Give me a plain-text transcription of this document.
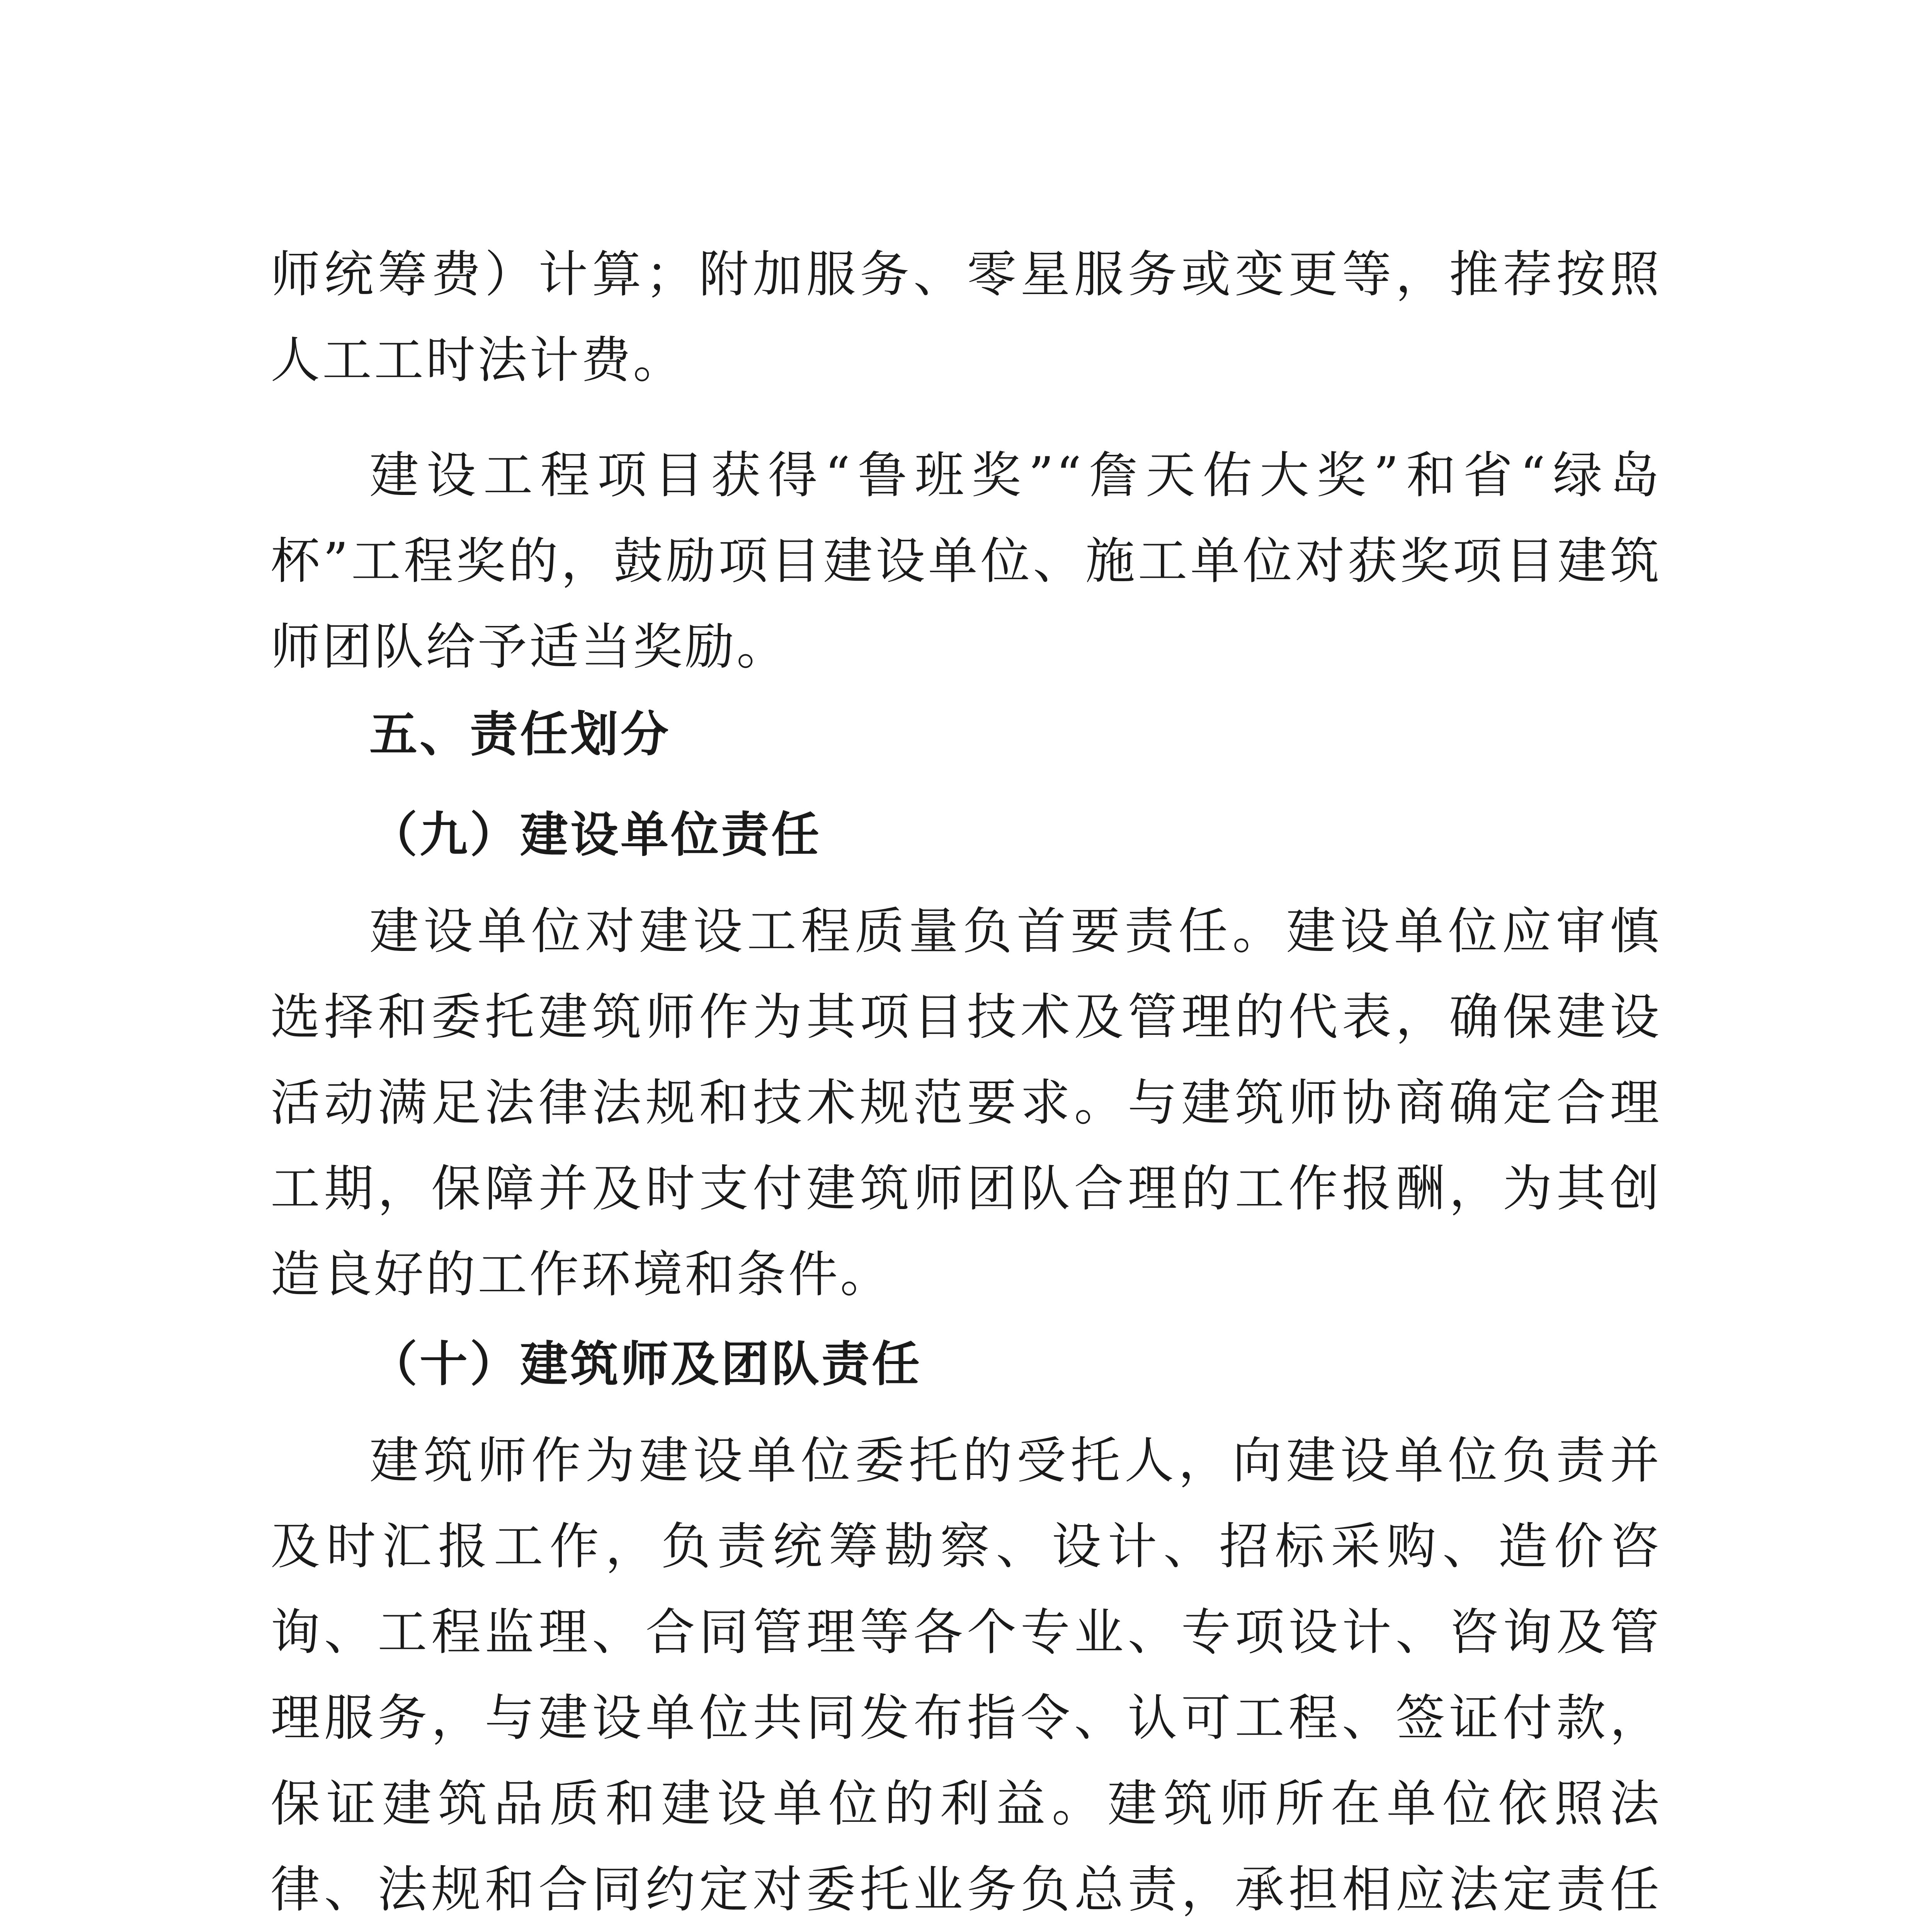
师统筹费）计算；附加服务、零星服务或变更等，推荐按照人工工时法计费。

建设工程项目获得“鲁班奖”“詹天佑大奖”和省“绿岛杯”工程奖的，鼓励项目建设单位、施工单位对获奖项目建筑师团队给予适当奖励。

五、责任划分
（九）建设单位责任

建设单位对建设工程质量负首要责任。建设单位应审慎选择和委托建筑师作为其项目技术及管理的代表，确保建设活动满足法律法规和技术规范要求。与建筑师协商确定合理工期，保障并及时支付建筑师团队合理的工作报酬，为其创造良好的工作环境和条件。

（十）建筑师及团队责任

建筑师作为建设单位委托的受托人，向建设单位负责并及时汇报工作，负责统筹勘察、设计、招标采购、造价咨询、工程监理、合同管理等各个专业、专项设计、咨询及管理服务，与建设单位共同发布指令、认可工程、签证付款，保证建筑品质和建设单位的利益。建筑师所在单位依照法律、法规和合同约定对委托业务负总责，承担相应法定责任
